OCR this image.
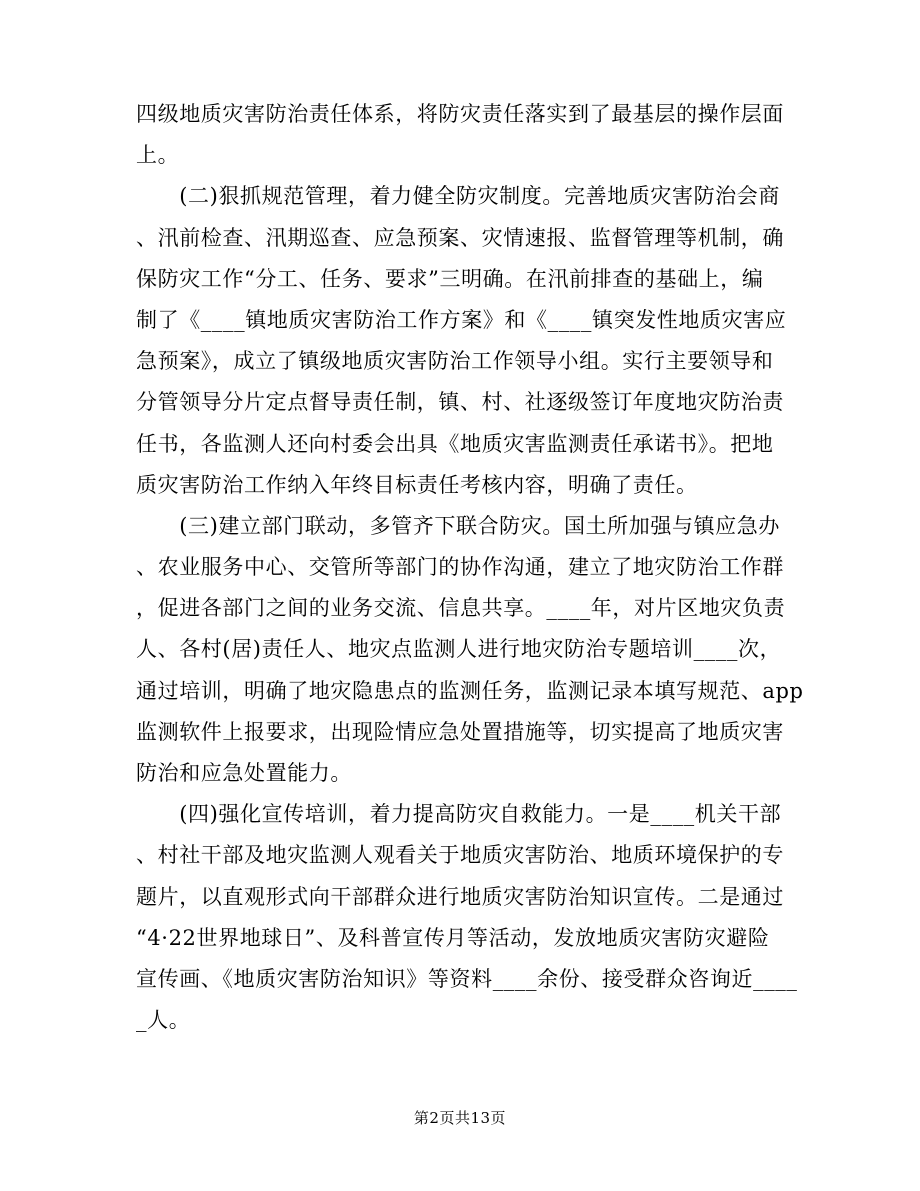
四级地质灾害防治责任体系，将防灾责任落实到了最基层的操作层面
上。
　　(二)狠抓规范管理，着力健全防灾制度。完善地质灾害防治会商
、汛前检查、汛期巡查、应急预案、灾情速报、监督管理等机制，确
保防灾工作“分工、任务、要求”三明确。在汛前排查的基础上，编
制了《____镇地质灾害防治工作方案》和《____镇突发性地质灾害应
急预案》，成立了镇级地质灾害防治工作领导小组。实行主要领导和
分管领导分片定点督导责任制，镇、村、社逐级签订年度地灾防治责
任书，各监测人还向村委会出具《地质灾害监测责任承诺书》。把地
质灾害防治工作纳入年终目标责任考核内容，明确了责任。
　　(三)建立部门联动，多管齐下联合防灾。国土所加强与镇应急办
、农业服务中心、交管所等部门的协作沟通，建立了地灾防治工作群
，促进各部门之间的业务交流、信息共享。____年，对片区地灾负责
人、各村(居)责任人、地灾点监测人进行地灾防治专题培训____次，
通过培训，明确了地灾隐患点的监测任务，监测记录本填写规范、app
监测软件上报要求，出现险情应急处置措施等，切实提高了地质灾害
防治和应急处置能力。
　　(四)强化宣传培训，着力提高防灾自救能力。一是____机关干部
、村社干部及地灾监测人观看关于地质灾害防治、地质环境保护的专
题片，以直观形式向干部群众进行地质灾害防治知识宣传。二是通过
“4·22世界地球日”、及科普宣传月等活动，发放地质灾害防灾避险
宣传画、《地质灾害防治知识》等资料____余份、接受群众咨询近____
_人。
第2页共13页
